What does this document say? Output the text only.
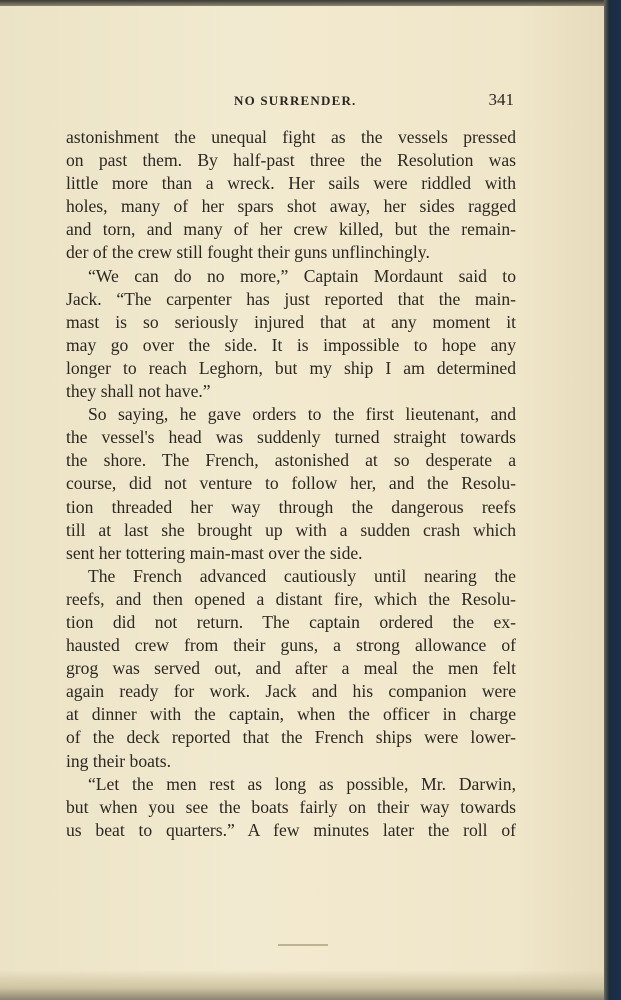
NO SURRENDER.	341
astonishment the unequal fight as the vessels pressed
on past them. By half-past three the Resolution was
little more than a wreck. Her sails were riddled with
holes, many of her spars shot away, her sides ragged
and torn, and many of her crew killed, but the remain-
der of the crew still fought their guns unflinchingly.
“We can do no more,” Captain Mordaunt said to
Jack. “The carpenter has just reported that the main-
mast is so seriously injured that at any moment it
may go over the side. It is impossible to hope any
longer to reach Leghorn, but my ship I am determined
they shall not have.”
So saying, he gave orders to the first lieutenant, and
the vessel's head was suddenly turned straight towards
the shore. The French, astonished at so desperate a
course, did not venture to follow her, and the Resolu-
tion threaded her way through the dangerous reefs
till at last she brought up with a sudden crash which
sent her tottering main-mast over the side.
The French advanced cautiously until nearing the
reefs, and then opened a distant fire, which the Resolu-
tion did not return. The captain ordered the ex-
hausted crew from their guns, a strong allowance of
grog was served out, and after a meal the men felt
again ready for work. Jack and his companion were
at dinner with the captain, when the officer in charge
of the deck reported that the French ships were lower-
ing their boats.
“Let the men rest as long as possible, Mr. Darwin,
but when you see the boats fairly on their way towards
us beat to quarters.” A few minutes later the roll of
